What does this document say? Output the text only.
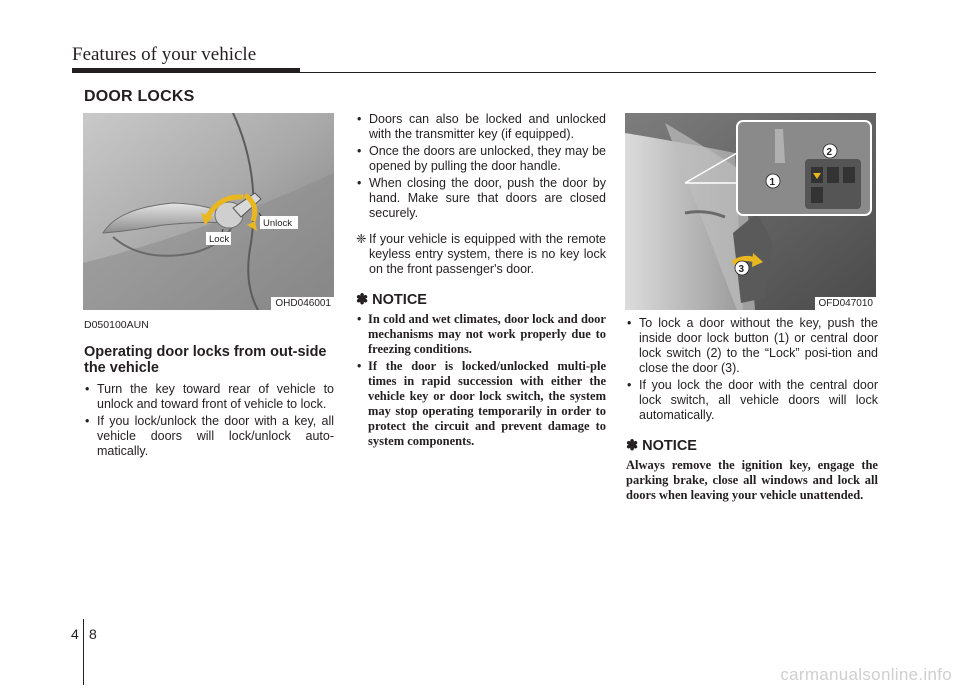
Features of your vehicle
DOOR LOCKS
Lock
Unlock
OHD046001
1
2
3
OFD047010
D050100AUN
Operating door locks from out-side the vehicle
• Turn the key toward rear of vehicle to unlock and toward front of vehicle to lock.
• If you lock/unlock the door with a key, all vehicle doors will lock/unlock auto-matically.
• Doors can also be locked and unlocked with the transmitter key (if equipped).
• Once the doors are unlocked, they may be opened by pulling the door handle.
• When closing the door, push the door by hand. Make sure that doors are closed securely.
❈ If your vehicle is equipped with the remote keyless entry system, there is no key lock on the front passenger's door.
✽ NOTICE
• In cold and wet climates, door lock and door mechanisms may not work properly due to freezing conditions.
• If the door is locked/unlocked multi-ple times in rapid succession with either the vehicle key or door lock switch, the system may stop operating temporarily in order to protect the circuit and prevent damage to system components.
• To lock a door without the key, push the inside door lock button (1) or central door lock switch (2) to the “Lock” posi-tion and close the door (3).
• If you lock the door with the central door lock switch, all vehicle doors will lock automatically.
✽ NOTICE
Always remove the ignition key, engage the parking brake, close all windows and lock all doors when leaving your vehicle unattended.
4 8
carmanualsonline.info
